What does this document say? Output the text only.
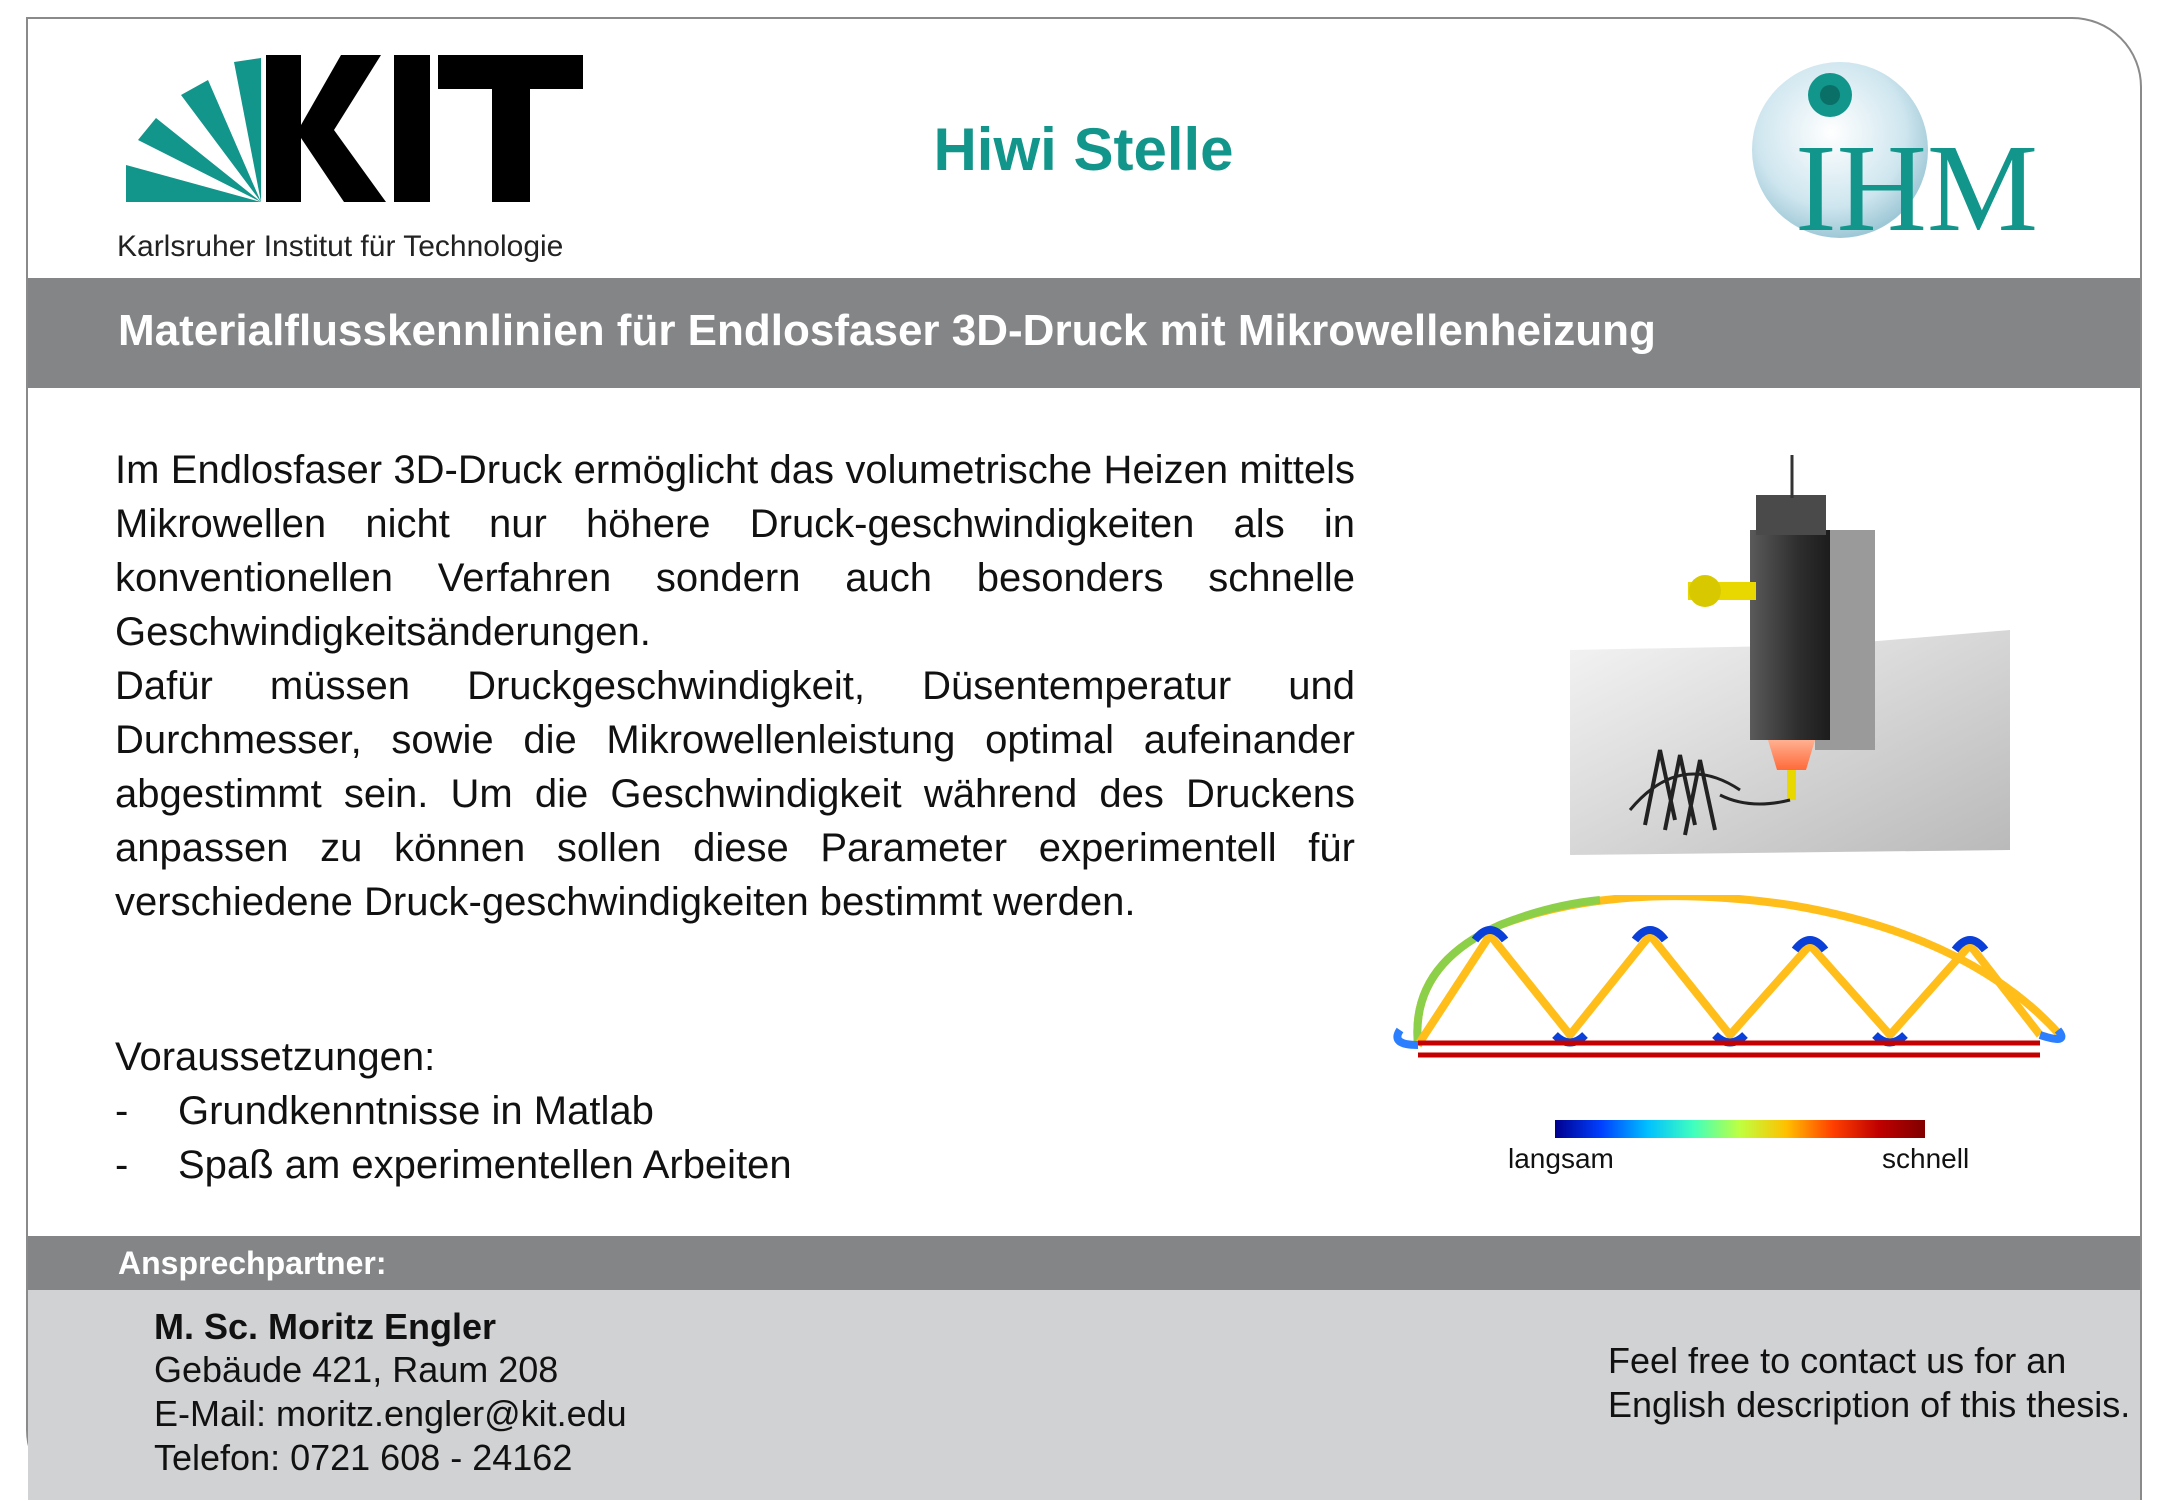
Karlsruher Institut für Technologie
Hiwi Stelle	IHM
Materialflusskennlinien für Endlosfaser 3D-Druck mit Mikrowellenheizung

Im Endlosfaser 3D-Druck ermöglicht das volumetrische Heizen mittels Mikrowellen nicht nur höhere Druck-geschwindigkeiten als in konventionellen Verfahren sondern auch besonders schnelle Geschwindigkeitsänderungen.

Dafür müssen Druckgeschwindigkeit, Düsentemperatur und Durchmesser, sowie die Mikrowellenleistung optimal aufeinander abgestimmt sein. Um die Geschwindigkeit während des Druckens anpassen zu können sollen diese Parameter experimentell für verschiedene Druck-geschwindigkeiten bestimmt werden.

Voraussetzungen:
- Grundkenntnisse in Matlab
- Spaß am experimentellen Arbeiten	langsam	schnell
Ansprechpartner:
M. Sc. Moritz Engler
Gebäude 421, Raum 208
E-Mail: moritz.engler@kit.edu
Telefon: 0721 608 - 24162
Feel free to contact us for an
English description of this thesis.
